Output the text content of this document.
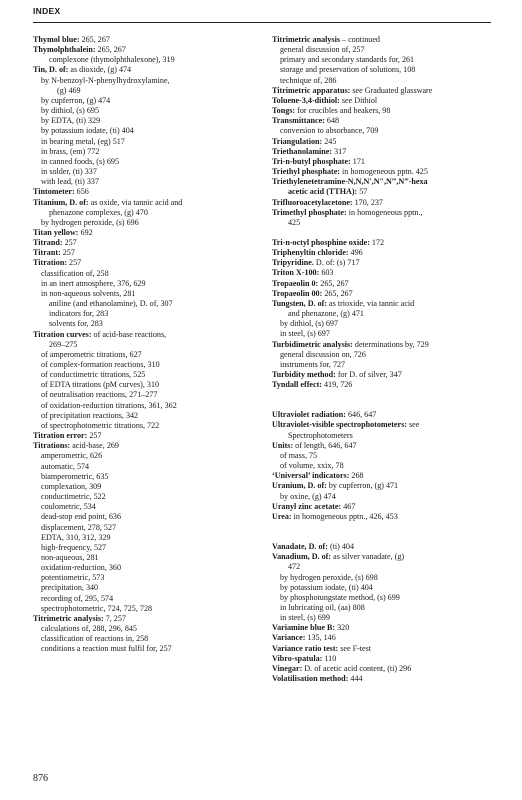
INDEX
Thymol blue: 265, 267
Thymolphthalein: 265, 267
complexone (thymolphthalexone), 319
Tin, D. of: as dioxide, (g) 474
by N-benzoyl-N-phenylhydroxylamine,
(g) 469
by cupferron, (g) 474
by dithiol, (s) 695
by EDTA, (ti) 329
by potassium iodate, (ti) 404
in bearing metal, (eg) 517
in brass, (em) 772
in canned foods, (s) 695
in solder, (ti) 337
with lead, (ti) 337
Tintometer: 656
Titanium, D. of: as oxide, via tannic acid and
phenazone complexes, (g) 470
by hydrogen peroxide, (s) 696
Titan yellow: 692
Titrand: 257
Titrant: 257
Titration: 257
classification of, 258
in an inert atmosphere, 376, 629
in non-aqueous solvents, 281
aniline (and ethanolamine), D. of, 307
indicators for, 283
solvents for, 283
Titration curves: of acid-base reactions,
269–275
of amperometric titrations, 627
of complex-formation reactions, 310
of conductimetric titrations, 525
of EDTA titrations (pM curves), 310
of neutralisation reactions, 271–277
of oxidation-reduction titrations, 361, 362
of precipitation reactions, 342
of spectrophotometric titrations, 722
Titration error: 257
Titrations: acid-base, 269
amperometric, 626
automatic, 574
biamperometric, 635
complexation, 309
conductimetric, 522
coulometric, 534
dead-stop end point, 636
displacement, 278, 527
EDTA, 310, 312, 329
high-frequency, 527
non-aqueous, 281
oxidation-reduction, 360
potentiometric, 573
precipitation, 340
recording of, 295, 574
spectrophotometric, 724, 725, 728
Titrimetric analysis: 7, 257
calculations of, 288, 296, 845
classification of reactions in, 258
conditions a reaction must fulfil for, 257
Titrimetric analysis – continued
general discussion of, 257
primary and secondary standards for, 261
storage and preservation of solutions, 108
technique of, 286
Titrimetric apparatus: see Graduated glassware
Toluene-3,4-dithiol: see Dithiol
Tongs: for crucibles and beakers, 98
Transmittance: 648
conversion to absorbance, 709
Triangulation: 245
Triethanolamine: 317
Tri-n-butyl phosphate: 171
Triethyl phosphate: in homogeneous pptn. 425
Triethylenetetramine-N,N,N′,N″,N‴,N‴-hexa
acetic acid (TTHA): 57
Trifluoroacetylacetone: 170, 237
Trimethyl phosphate: in homogeneous pptn.,
425
Tri-n-octyl phosphine oxide: 172
Triphenyltin chloride: 496
Tripyridine. D. of: (s) 717
Triton X-100: 603
Tropaeolin 0: 265, 267
Tropaeolin 00: 265, 267
Tungsten, D. of: as trioxide, via tannic acid
and phenazone, (g) 471
by dithiol, (s) 697
in steel, (s) 697
Turbidimetric analysis: determinations by, 729
general discussion on, 726
instruments for, 727
Turbidity method: for D. of silver, 347
Tyndall effect: 419, 726
Ultraviolet radiation: 646, 647
Ultraviolet-visible spectrophotometers: see
Spectrophotometers
Units: of length, 646, 647
of mass, 75
of volume, xxix, 78
‘Universal’ indicators: 268
Uranium, D. of: by cupferron, (g) 471
by oxine, (g) 474
Uranyl zinc acetate: 467
Urea: in homogeneous pptn., 426, 453
Vanadate, D. of: (ti) 404
Vanadium, D. of: as silver vanadate, (g)
472
by hydrogen peroxide, (s) 698
by potassium iodate, (ti) 404
by phosphotungstate method, (s) 699
in lubricating oil, (aa) 808
in steel, (s) 699
Variamine blue B: 320
Variance: 135, 146
Variance ratio test: see F-test
Vibro-spatula: 110
Vinegar: D. of acetic acid content, (ti) 296
Volatilisation method: 444
876
